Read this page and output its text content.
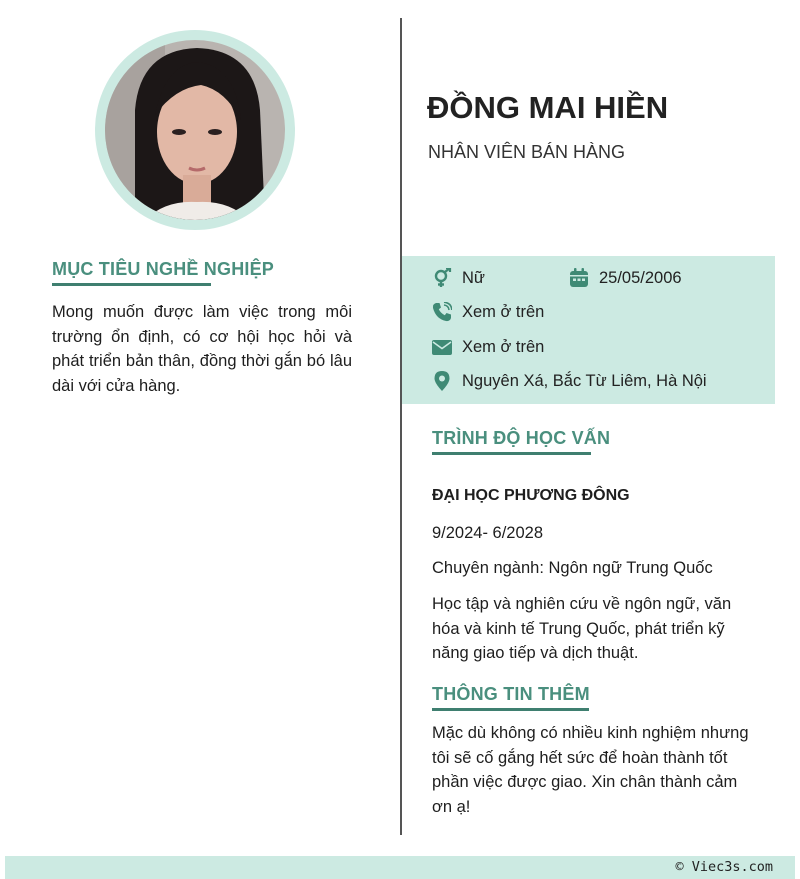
ĐỒNG MAI HIỀN
NHÂN VIÊN BÁN HÀNG
MỤC TIÊU NGHỀ NGHIỆP

Mong muốn được làm việc trong môi trường ổn định, có cơ hội học hỏi và phát triển bản thân, đồng thời gắn bó lâu dài với cửa hàng.

Nữ	25/05/2006
Xem ở trên
Xem ở trên
Nguyên Xá, Bắc Từ Liêm, Hà Nội
TRÌNH ĐỘ HỌC VẤN
ĐẠI HỌC PHƯƠNG ĐÔNG
9/2024- 6/2028
Chuyên ngành: Ngôn ngữ Trung Quốc

Học tập và nghiên cứu về ngôn ngữ, văn hóa và kinh tế Trung Quốc, phát triển kỹ năng giao tiếp và dịch thuật.

THÔNG TIN THÊM

Mặc dù không có nhiều kinh nghiệm nhưng tôi sẽ cố gắng hết sức để hoàn thành tốt phần việc được giao. Xin chân thành cảm ơn ạ!

© Viec3s.com
